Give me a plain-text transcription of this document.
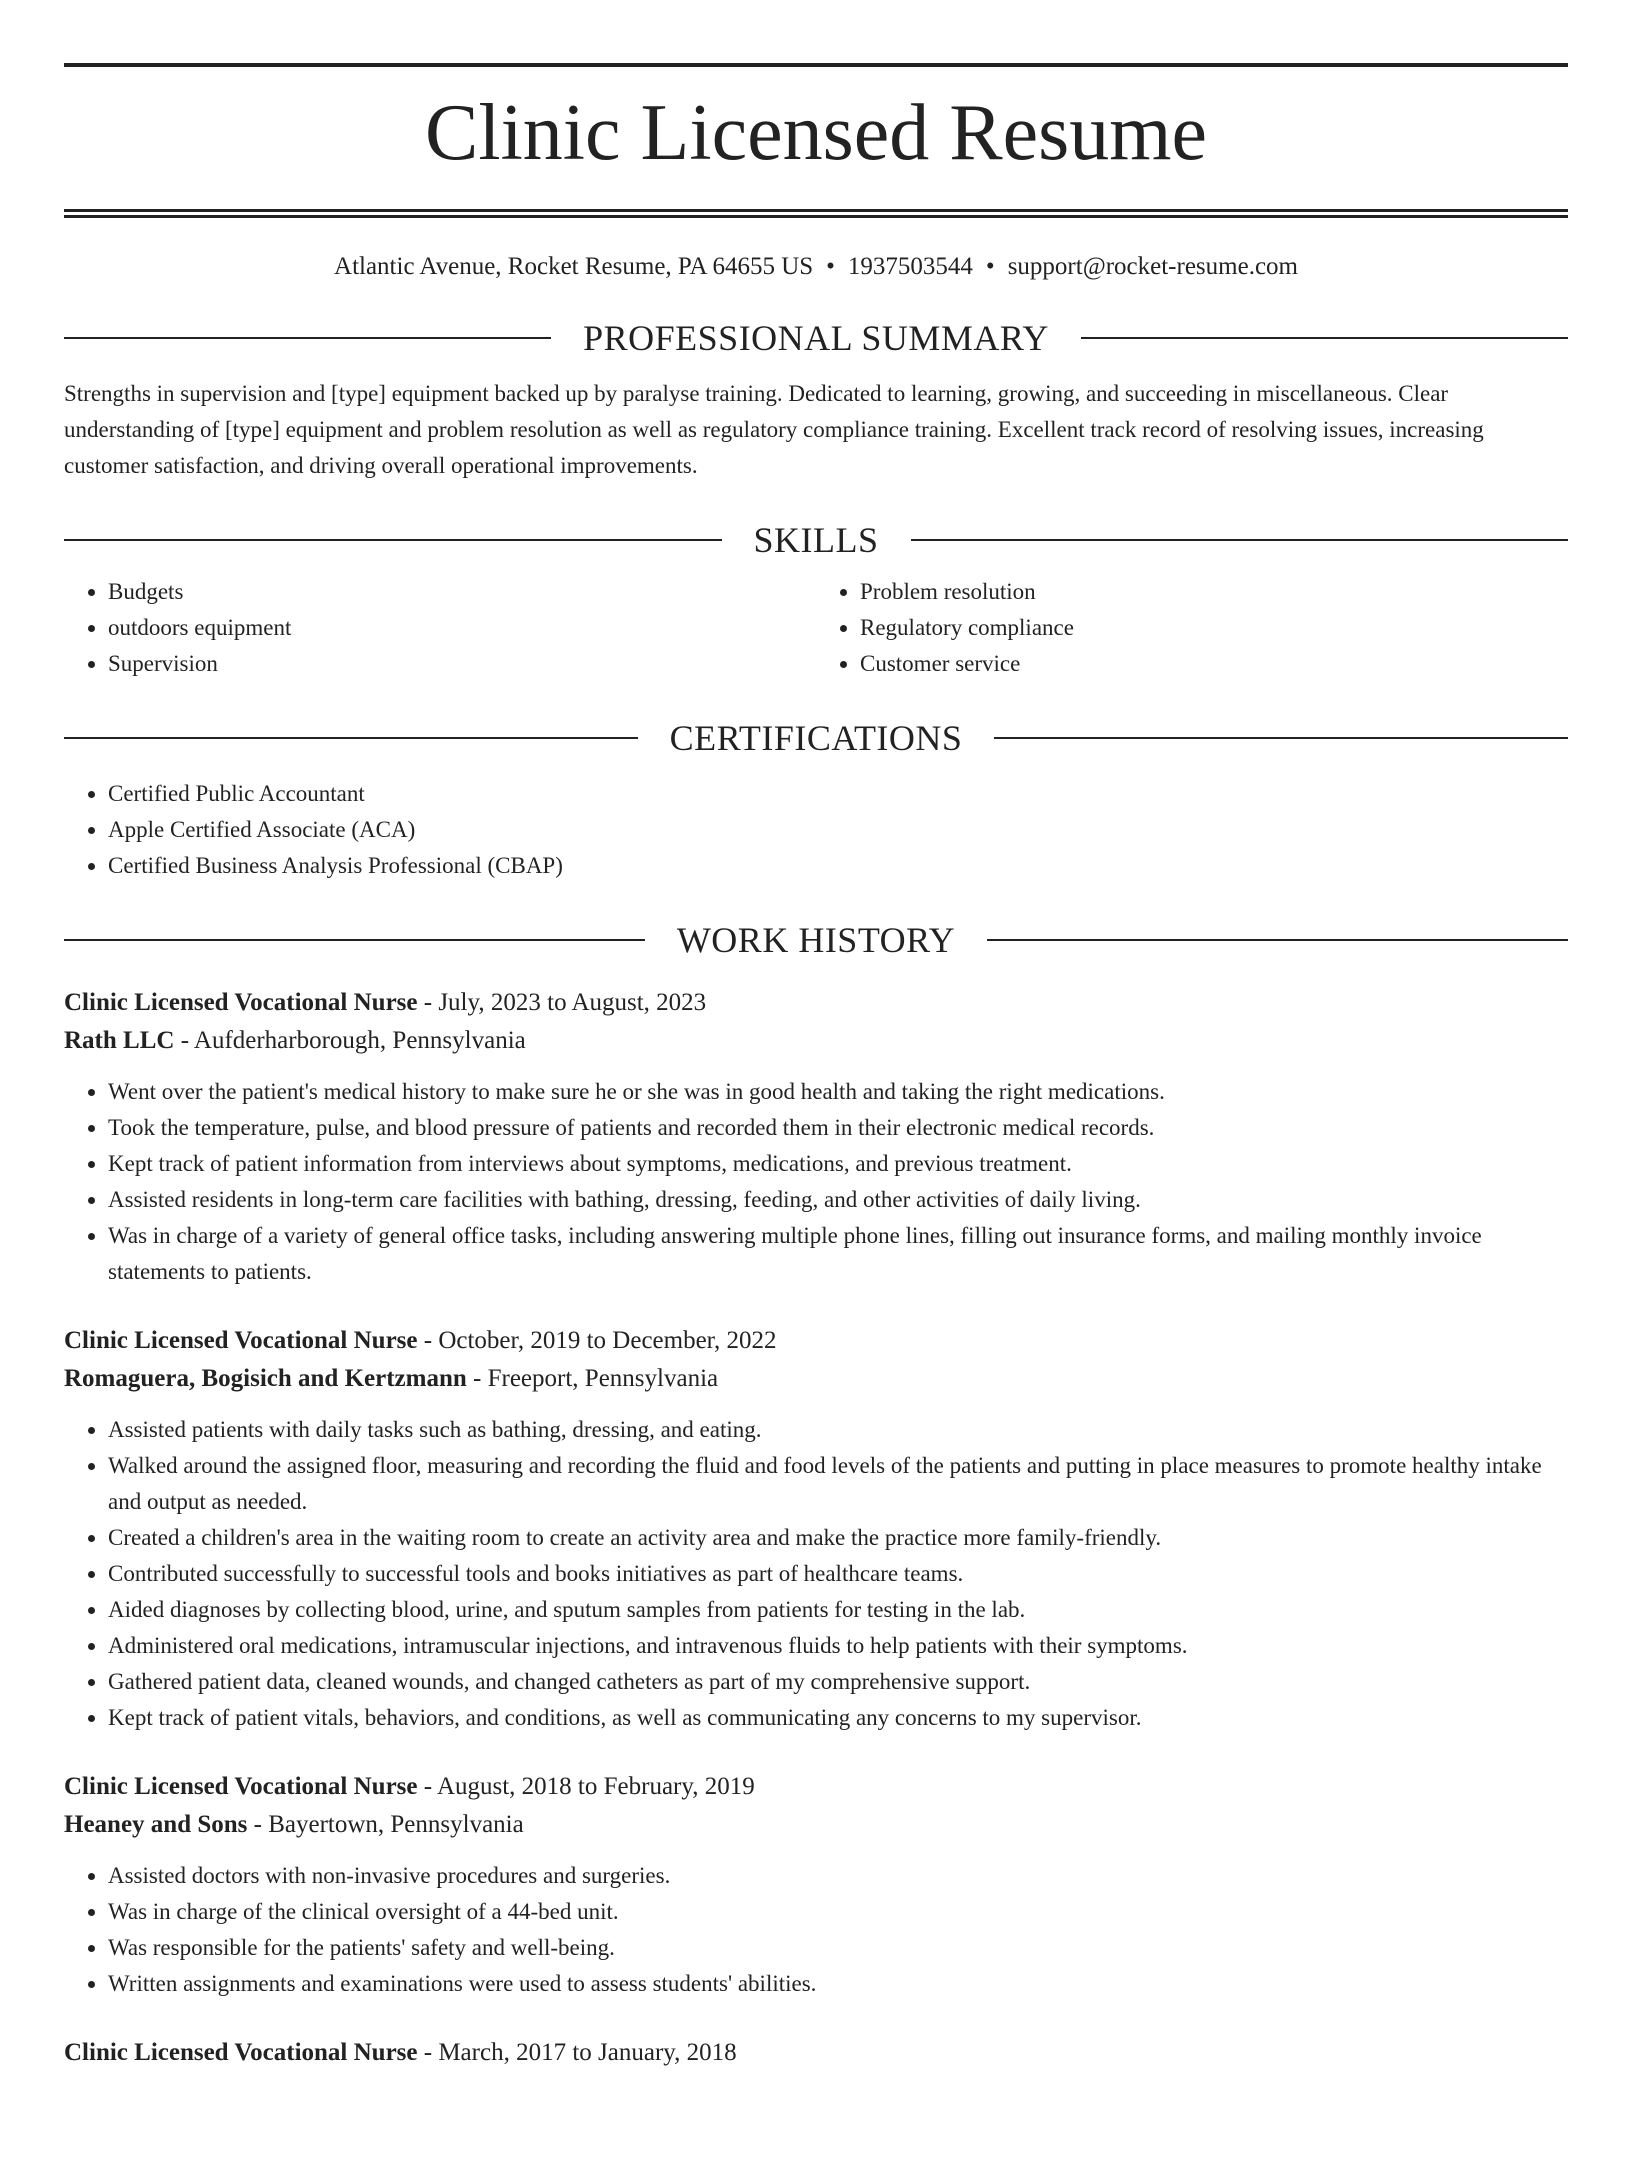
Clinic Licensed Resume
Atlantic Avenue, Rocket Resume, PA 64655 US • 1937503544 • support@rocket-resume.com
PROFESSIONAL SUMMARY
Strengths in supervision and [type] equipment backed up by paralyse training. Dedicated to learning, growing, and succeeding in miscellaneous. Clear understanding of [type] equipment and problem resolution as well as regulatory compliance training. Excellent track record of resolving issues, increasing customer satisfaction, and driving overall operational improvements.
SKILLS
• Budgets
• outdoors equipment
• Supervision
• Problem resolution
• Regulatory compliance
• Customer service
CERTIFICATIONS
• Certified Public Accountant
• Apple Certified Associate (ACA)
• Certified Business Analysis Professional (CBAP)
WORK HISTORY
Clinic Licensed Vocational Nurse - July, 2023 to August, 2023
Rath LLC - Aufderharborough, Pennsylvania
• Went over the patient's medical history to make sure he or she was in good health and taking the right medications.
• Took the temperature, pulse, and blood pressure of patients and recorded them in their electronic medical records.
• Kept track of patient information from interviews about symptoms, medications, and previous treatment.
• Assisted residents in long-term care facilities with bathing, dressing, feeding, and other activities of daily living.
• Was in charge of a variety of general office tasks, including answering multiple phone lines, filling out insurance forms, and mailing monthly invoice statements to patients.
Clinic Licensed Vocational Nurse - October, 2019 to December, 2022
Romaguera, Bogisich and Kertzmann - Freeport, Pennsylvania
• Assisted patients with daily tasks such as bathing, dressing, and eating.
• Walked around the assigned floor, measuring and recording the fluid and food levels of the patients and putting in place measures to promote healthy intake and output as needed.
• Created a children's area in the waiting room to create an activity area and make the practice more family-friendly.
• Contributed successfully to successful tools and books initiatives as part of healthcare teams.
• Aided diagnoses by collecting blood, urine, and sputum samples from patients for testing in the lab.
• Administered oral medications, intramuscular injections, and intravenous fluids to help patients with their symptoms.
• Gathered patient data, cleaned wounds, and changed catheters as part of my comprehensive support.
• Kept track of patient vitals, behaviors, and conditions, as well as communicating any concerns to my supervisor.
Clinic Licensed Vocational Nurse - August, 2018 to February, 2019
Heaney and Sons - Bayertown, Pennsylvania
• Assisted doctors with non-invasive procedures and surgeries.
• Was in charge of the clinical oversight of a 44-bed unit.
• Was responsible for the patients' safety and well-being.
• Written assignments and examinations were used to assess students' abilities.
Clinic Licensed Vocational Nurse - March, 2017 to January, 2018
